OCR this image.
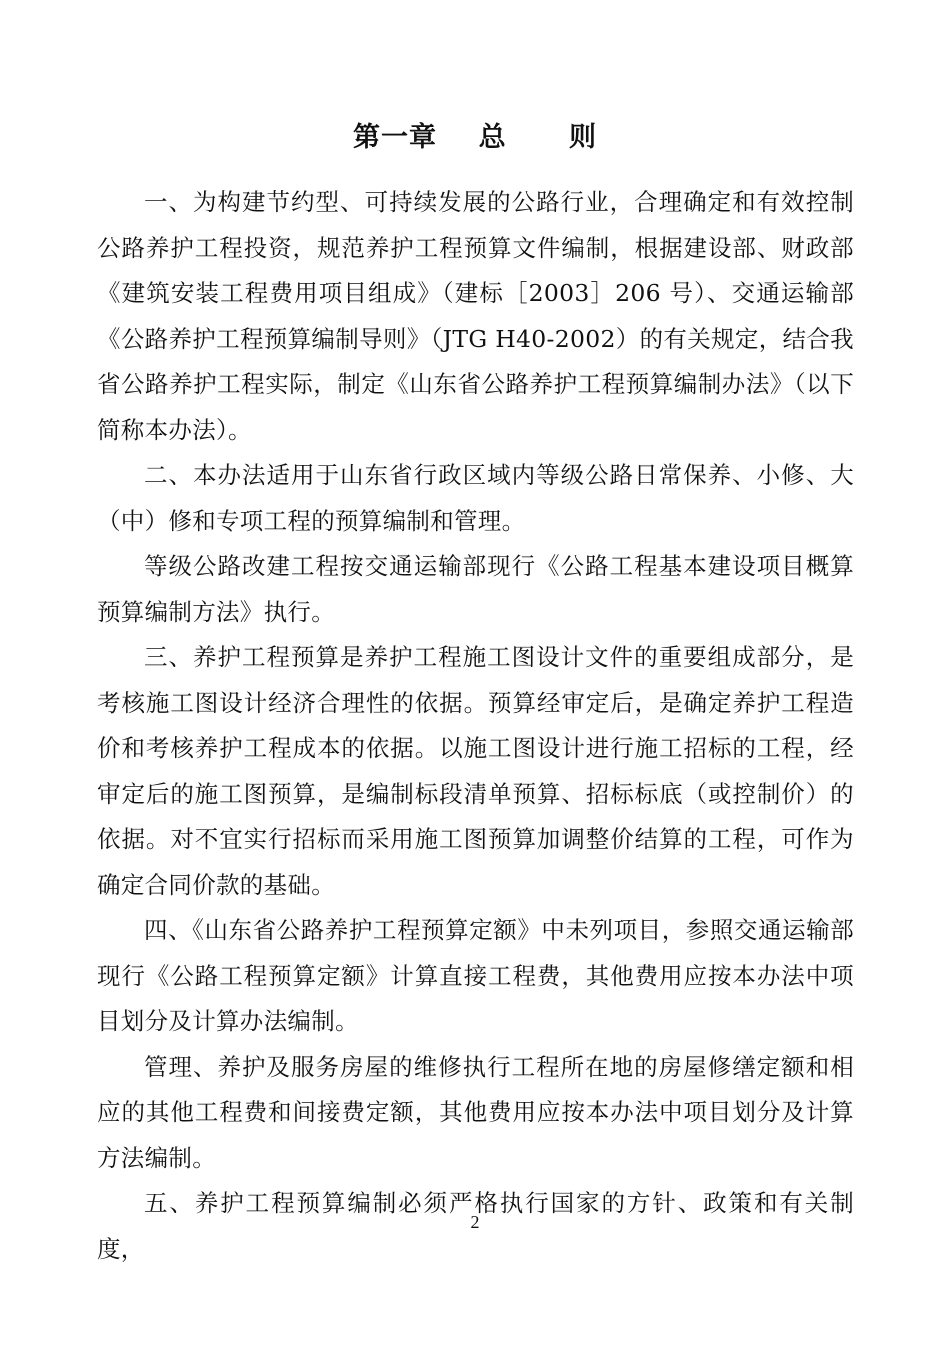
第一章    总      则

一、为构建节约型、可持续发展的公路行业，合理确定和有效控制公路养护工程投资，规范养护工程预算文件编制，根据建设部、财政部《建筑安装工程费用项目组成》（建标［2003］206 号）、交通运输部《公路养护工程预算编制导则》（JTG H40-2002）的有关规定，结合我省公路养护工程实际，制定《山东省公路养护工程预算编制办法》（以下简称本办法）。

二、本办法适用于山东省行政区域内等级公路日常保养、小修、大（中）修和专项工程的预算编制和管理。

等级公路改建工程按交通运输部现行《公路工程基本建设项目概算预算编制方法》执行。

三、养护工程预算是养护工程施工图设计文件的重要组成部分，是考核施工图设计经济合理性的依据。预算经审定后，是确定养护工程造价和考核养护工程成本的依据。以施工图设计进行施工招标的工程，经审定后的施工图预算，是编制标段清单预算、招标标底（或控制价）的依据。对不宜实行招标而采用施工图预算加调整价结算的工程，可作为确定合同价款的基础。

四、《山东省公路养护工程预算定额》中未列项目，参照交通运输部现行《公路工程预算定额》计算直接工程费，其他费用应按本办法中项目划分及计算办法编制。

管理、养护及服务房屋的维修执行工程所在地的房屋修缮定额和相应的其他工程费和间接费定额，其他费用应按本办法中项目划分及计算方法编制。

五、养护工程预算编制必须严格执行国家的方针、政策和有关制度，

2
